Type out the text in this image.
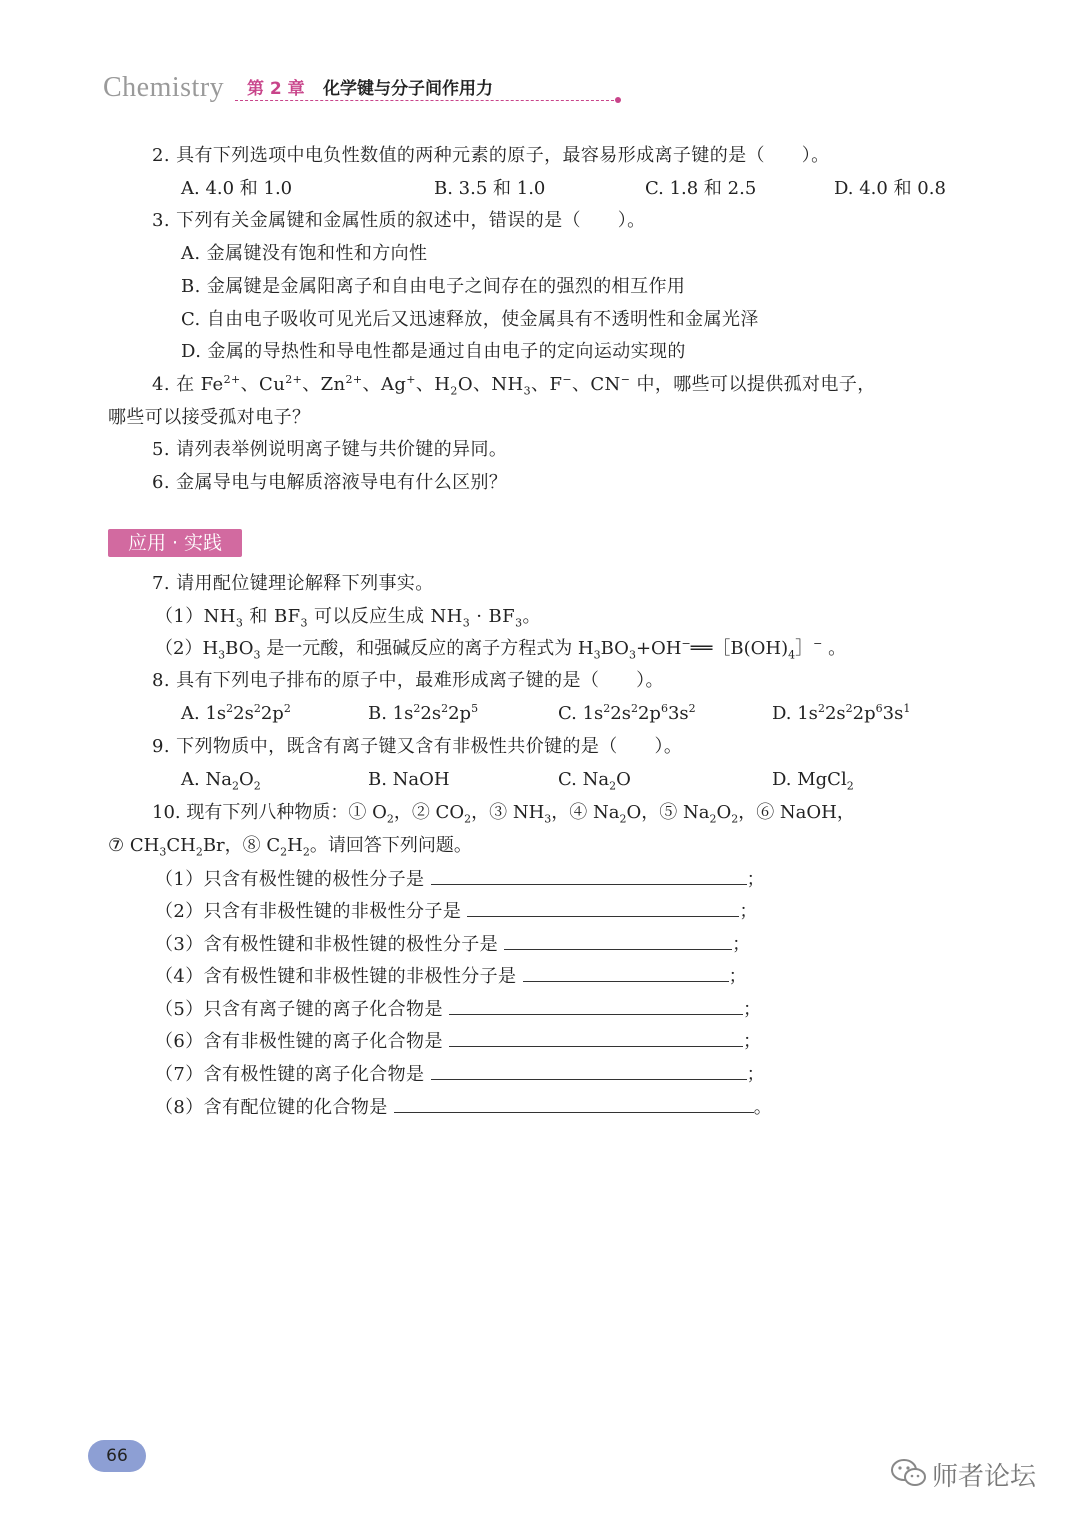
Chemistry 第 2 章 化学键与分子间作用力
2. 具有下列选项中电负性数值的两种元素的原子，最容易形成离子键的是（　　）。
A. 4.0 和 1.0	B. 3.5 和 1.0	C. 1.8 和 2.5	D. 4.0 和 0.8
3. 下列有关金属键和金属性质的叙述中，错误的是（　　）。
A. 金属键没有饱和性和方向性
B. 金属键是金属阳离子和自由电子之间存在的强烈的相互作用
C. 自由电子吸收可见光后又迅速释放，使金属具有不透明性和金属光泽
D. 金属的导热性和导电性都是通过自由电子的定向运动实现的
4. 在 $Fe^{2+}$、$Cu^{2+}$、$Zn^{2+}$、Ag+、$H_2O$、$NH_3$、F−、CN− 中，哪些可以提供孤对电子，
哪些可以接受孤对电子？
5. 请列表举例说明离子键与共价键的异同。
6. 金属导电与电解质溶液导电有什么区别？
应用 · 实践
7. 请用配位键理论解释下列事实。
$(1)NH_3$ 和 $BF_3$ 可以反应生成 $NH_3 \cdot BF_3$。
$(2)H_3BO_3$ 是一元酸，和强碱反应的离子方程式为 $H_3BO_3+OH^-══[B(OH)_4]^-$ 。
8. 具有下列电子排布的原子中，最难形成离子键的是（　　）。
A. $1s^22s^22p^2$	B. $1s^22s^22p^5$	C. $1s^22s^22p^63s^2$	D. $1s^22s^22p^63s^1$
9. 下列物质中，既含有离子键又含有非极性共价键的是（　　）。
A. $Na_2O_2$	B. NaOH	C. $Na_2O$	D. MgCl$_2$
10. 现有下列八种物质：① $O_2$，② $CO_2$，③ $NH_3$，④ $Na_2O$，⑤ $Na_2O_2$，⑥ NaOH，
⑦ $CH_3CH_2Br$，⑧ $C_2H_2$。请回答下列问题。
（1）只含有极性键的极性分子是	；
（2）只含有非极性键的非极性分子是	；
（3）含有极性键和非极性键的极性分子是	；
（4）含有极性键和非极性键的非极性分子是	；
（5）只含有离子键的离子化合物是	；
（6）含有非极性键的离子化合物是	；
（7）含有极性键的离子化合物是	；
（8）含有配位键的化合物是	。
66
师者论坛
